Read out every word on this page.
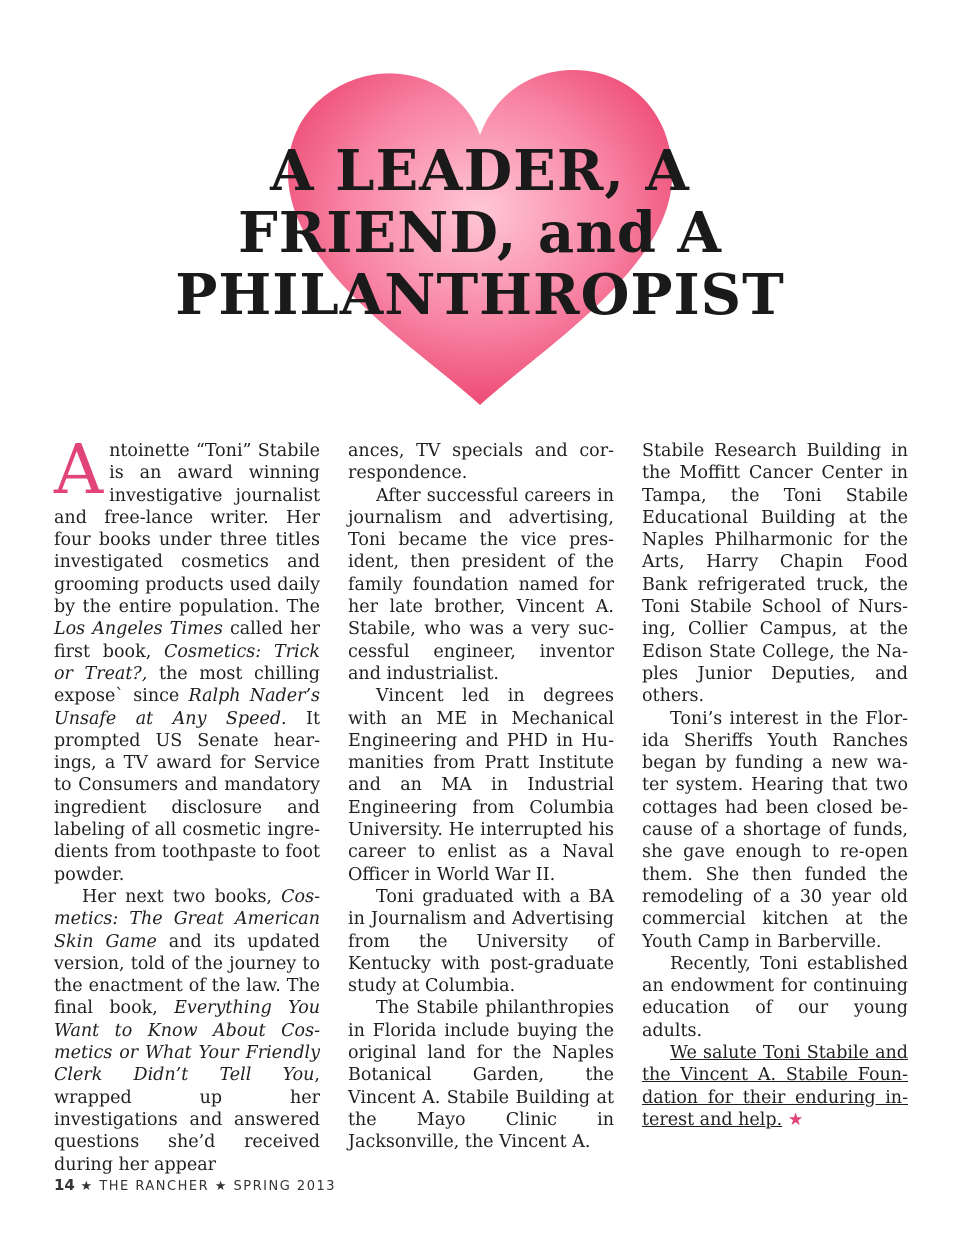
A LEADER, A
FRIEND, and A
PHILANTHROPIST

Antoinette “Toni” Stabile is an award winning investigative journalist and free-lance writer. Her four books under three titles investigated cosmetics and grooming products used daily by the entire population. The Los Angeles Times called her first book, Cosmetics: Trick or Treat?, the most chilling expose` since Ralph Nader’s Unsafe at Any Speed. It prompted US Senate hearings, a TV award for Service to Consumers and mandatory ingredient disclosure and labeling of all cosmetic ingredients from toothpaste to foot powder.

Her next two books, Cosmetics: The Great American Skin Game and its updated version, told of the journey to the enactment of the law. The final book, Everything You Want to Know About Cosmetics or What Your Friendly Clerk Didn’t Tell You, wrapped up her investigations and answered questions she’d received during her appear

ances, TV specials and correspondence.

After successful careers in journalism and advertising, Toni became the vice president, then president of the family foundation named for her late brother, Vincent A. Stabile, who was a very successful engineer, inventor and industrialist.

Vincent led in degrees with an ME in Mechanical Engineering and PHD in Humanities from Pratt Institute and an MA in Industrial Engineering from Columbia University. He interrupted his career to enlist as a Naval Officer in World War II.

Toni graduated with a BA in Journalism and Advertising from the University of Kentucky with post-graduate study at Columbia.

The Stabile philanthropies in Florida include buying the original land for the Naples Botanical Garden, the Vincent A. Stabile Building at the Mayo Clinic in Jacksonville, the Vincent A.

Stabile Research Building in the Moffitt Cancer Center in Tampa, the Toni Stabile Educational Building at the Naples Philharmonic for the Arts, Harry Chapin Food Bank refrigerated truck, the Toni Stabile School of Nursing, Collier Campus, at the Edison State College, the Naples Junior Deputies, and others.

Toni’s interest in the Florida Sheriffs Youth Ranches began by funding a new water system. Hearing that two cottages had been closed because of a shortage of funds, she gave enough to re-open them. She then funded the remodeling of a 30 year old commercial kitchen at the Youth Camp in Barberville.

Recently, Toni established an endowment for continuing education of our young adults.

We salute Toni Stabile and the Vincent A. Stabile Foundation for their enduring interest and help. ★

14 ★ THE RANCHER ★ SPRING 2013
